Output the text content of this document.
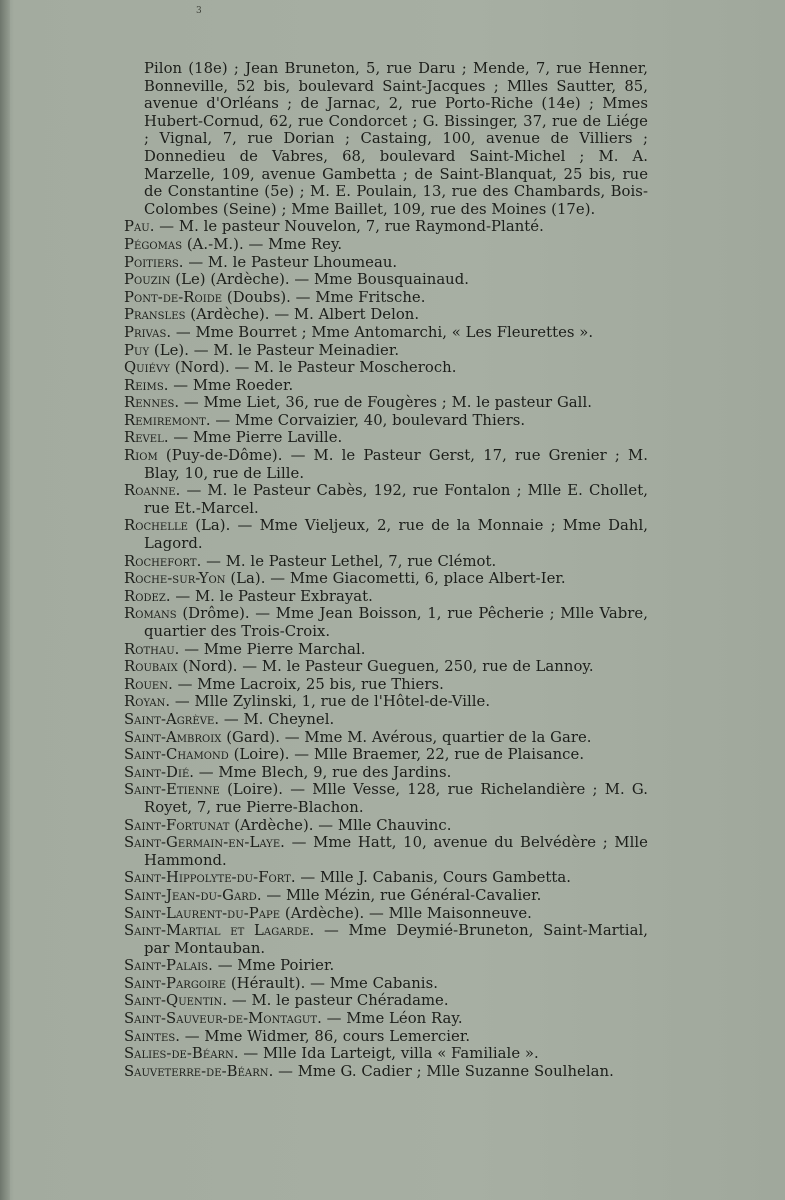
3

Pilon (18e) ; Jean Bruneton, 5, rue Daru ; Mende, 7, rue Henner, Bonneville, 52 bis, boulevard Saint-Jacques ; Mlles Sautter, 85, avenue d'Orléans ; de Jarnac, 2, rue Porto-Riche (14e) ; Mmes Hubert-Cornud, 62, rue Condorcet ; G. Bissinger, 37, rue de Liége ; Vignal, 7, rue Dorian ; Castaing, 100, avenue de Villiers ; Donnedieu de Vabres, 68, boulevard Saint-Michel ; M. A. Marzelle, 109, avenue Gambetta ; de Saint-Blanquat, 25 bis, rue de Constantine (5e) ; M. E. Poulain, 13, rue des Chambards, Bois-Colombes (Seine) ; Mme Baillet, 109, rue des Moines (17e).

Pau. — M. le pasteur Nouvelon, 7, rue Raymond-Planté.

Pégomas (A.-M.). — Mme Rey.

Poitiers. — M. le Pasteur Lhoumeau.

Pouzin (Le) (Ardèche). — Mme Bousquainaud.

Pont-de-Roide (Doubs). — Mme Fritsche.

Pransles (Ardèche). — M. Albert Delon.

Privas. — Mme Bourret ; Mme Antomarchi, « Les Fleurettes ».

Puy (Le). — M. le Pasteur Meinadier.

Quiévy (Nord). — M. le Pasteur Moscheroch.

Reims. — Mme Roeder.

Rennes. — Mme Liet, 36, rue de Fougères ; M. le pasteur Gall.

Remiremont. — Mme Corvaizier, 40, boulevard Thiers.

Revel. — Mme Pierre Laville.

Riom (Puy-de-Dôme). — M. le Pasteur Gerst, 17, rue Grenier ; M. Blay, 10, rue de Lille.

Roanne. — M. le Pasteur Cabès, 192, rue Fontalon ; Mlle E. Chollet, rue Et.-Marcel.

Rochelle (La). — Mme Vieljeux, 2, rue de la Monnaie ; Mme Dahl, Lagord.

Rochefort. — M. le Pasteur Lethel, 7, rue Clémot.

Roche-sur-Yon (La). — Mme Giacometti, 6, place Albert-Ier.

Rodez. — M. le Pasteur Exbrayat.

Romans (Drôme). — Mme Jean Boisson, 1, rue Pêcherie ; Mlle Vabre, quartier des Trois-Croix.

Rothau. — Mme Pierre Marchal.

Roubaix (Nord). — M. le Pasteur Gueguen, 250, rue de Lannoy.

Rouen. — Mme Lacroix, 25 bis, rue Thiers.

Royan. — Mlle Zylinski, 1, rue de l'Hôtel-de-Ville.

Saint-Agrève. — M. Cheynel.

Saint-Ambroix (Gard). — Mme M. Avérous, quartier de la Gare.

Saint-Chamond (Loire). — Mlle Braemer, 22, rue de Plaisance.

Saint-Dié. — Mme Blech, 9, rue des Jardins.

Saint-Etienne (Loire). — Mlle Vesse, 128, rue Richelandière ; M. G. Royet, 7, rue Pierre-Blachon.

Saint-Fortunat (Ardèche). — Mlle Chauvinc.

Saint-Germain-en-Laye. — Mme Hatt, 10, avenue du Belvédère ; Mlle Hammond.

Saint-Hippolyte-du-Fort. — Mlle J. Cabanis, Cours Gambetta.

Saint-Jean-du-Gard. — Mlle Mézin, rue Général-Cavalier.

Saint-Laurent-du-Pape (Ardèche). — Mlle Maisonneuve.

Saint-Martial et Lagarde. — Mme Deymié-Bruneton, Saint-Martial, par Montauban.

Saint-Palais. — Mme Poirier.

Saint-Pargoire (Hérault). — Mme Cabanis.

Saint-Quentin. — M. le pasteur Chéradame.

Saint-Sauveur-de-Montagut. — Mme Léon Ray.

Saintes. — Mme Widmer, 86, cours Lemercier.

Salies-de-Béarn. — Mlle Ida Larteigt, villa « Familiale ».

Sauveterre-de-Béarn. — Mme G. Cadier ; Mlle Suzanne Soulhelan.
